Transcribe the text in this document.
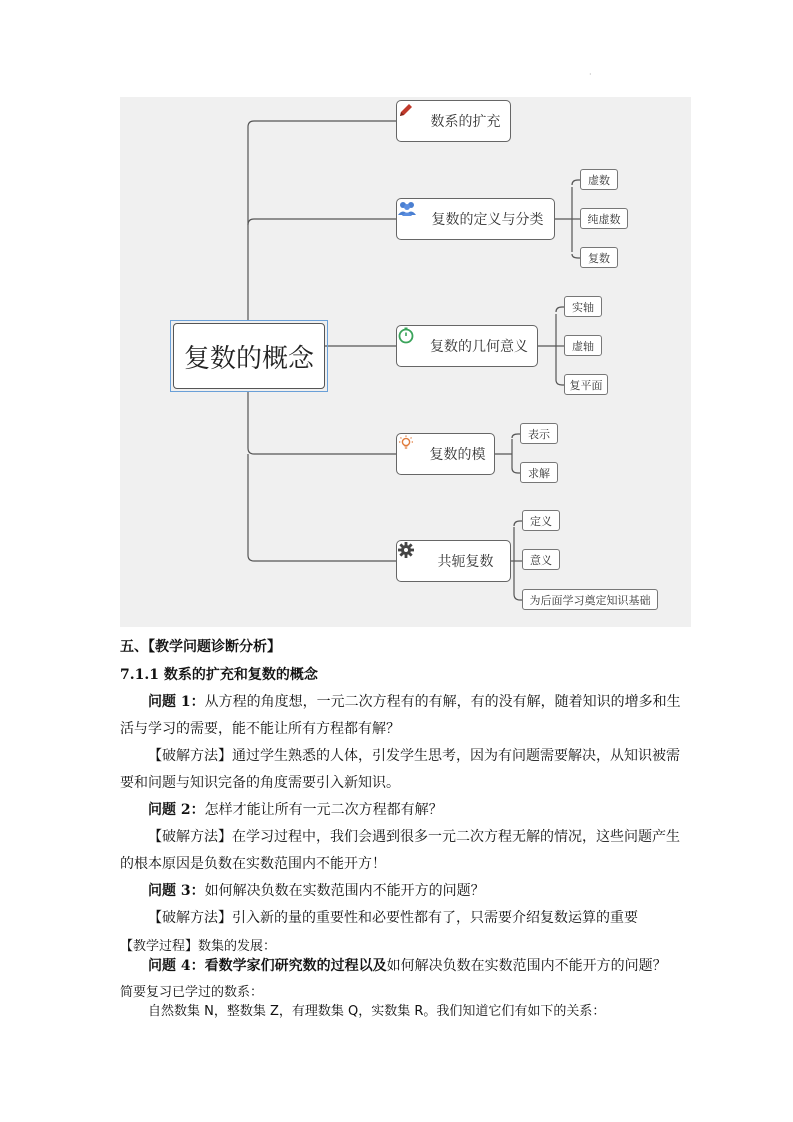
·
复数的概念
数系的扩充
复数的定义与分类
虚数
纯虚数
复数
复数的几何意义
实轴
虚轴
复平面
复数的模
表示
求解
共轭复数
定义
意义
为后面学习奠定知识基础
五、【教学问题诊断分析】
7.1.1 数系的扩充和复数的概念
问题 1：从方程的角度想，一元二次方程有的有解，有的没有解，随着知识的增多和生
活与学习的需要，能不能让所有方程都有解？
【破解方法】通过学生熟悉的人体，引发学生思考，因为有问题需要解决，从知识被需
要和问题与知识完备的角度需要引入新知识。
问题 2：怎样才能让所有一元二次方程都有解？
【破解方法】在学习过程中，我们会遇到很多一元二次方程无解的情况，这些问题产生
的根本原因是负数在实数范围内不能开方！
问题 3：如何解决负数在实数范围内不能开方的问题？
【破解方法】引入新的量的重要性和必要性都有了，只需要介绍复数运算的重要
【教学过程】数集的发展：
问题 4：看数学家们研究数的过程以及如何解决负数在实数范围内不能开方的问题？
简要复习已学过的数系：
自然数集 N，整数集 Z，有理数集 Q，实数集 R。我们知道它们有如下的关系：
